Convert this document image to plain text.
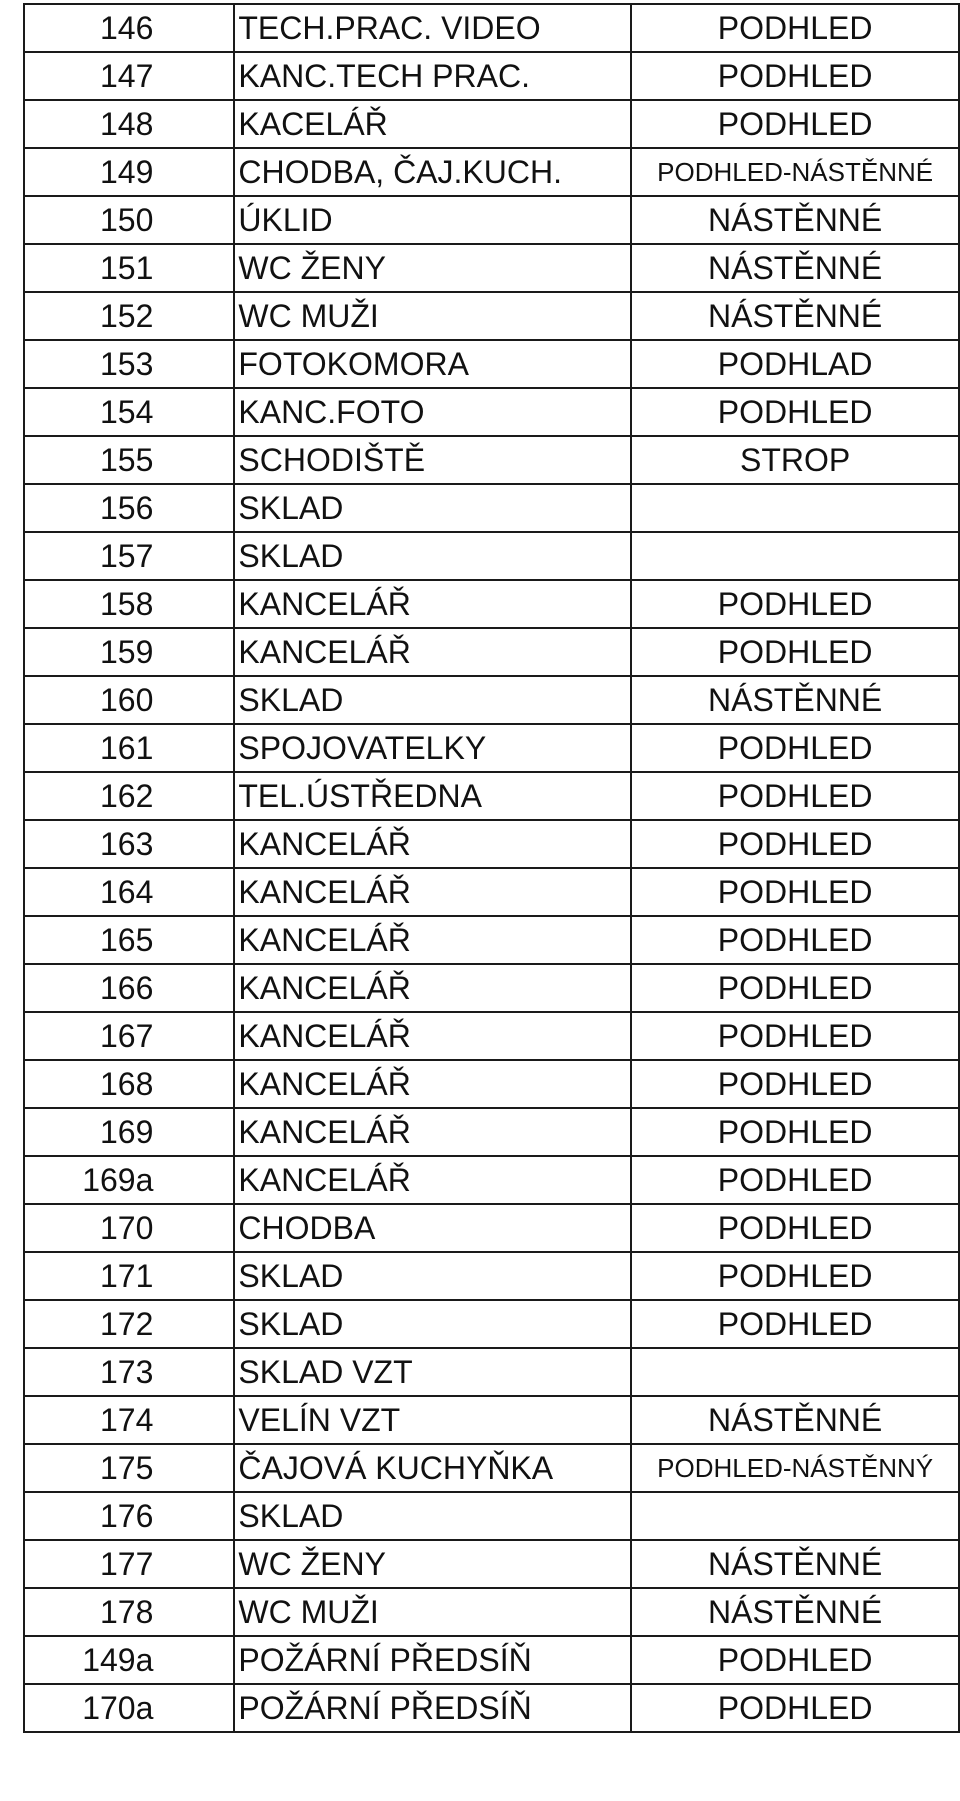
146	TECH.PRAC. VIDEO	PODHLED
147	KANC.TECH PRAC.	PODHLED
148	KACELÁŘ	PODHLED
149	CHODBA, ČAJ.KUCH.	PODHLED-NÁSTĚNNÉ
150	ÚKLID	NÁSTĚNNÉ
151	WC ŽENY	NÁSTĚNNÉ
152	WC MUŽI	NÁSTĚNNÉ
153	FOTOKOMORA	PODHLAD
154	KANC.FOTO	PODHLED
155	SCHODIŠTĚ	STROP
156	SKLAD	
157	SKLAD	
158	KANCELÁŘ	PODHLED
159	KANCELÁŘ	PODHLED
160	SKLAD	NÁSTĚNNÉ
161	SPOJOVATELKY	PODHLED
162	TEL.ÚSTŘEDNA	PODHLED
163	KANCELÁŘ	PODHLED
164	KANCELÁŘ	PODHLED
165	KANCELÁŘ	PODHLED
166	KANCELÁŘ	PODHLED
167	KANCELÁŘ	PODHLED
168	KANCELÁŘ	PODHLED
169	KANCELÁŘ	PODHLED
169a	KANCELÁŘ	PODHLED
170	CHODBA	PODHLED
171	SKLAD	PODHLED
172	SKLAD	PODHLED
173	SKLAD VZT	
174	VELÍN VZT	NÁSTĚNNÉ
175	ČAJOVÁ KUCHYŇKA	PODHLED-NÁSTĚNNÝ
176	SKLAD	
177	WC ŽENY	NÁSTĚNNÉ
178	WC MUŽI	NÁSTĚNNÉ
149a	POŽÁRNÍ PŘEDSÍŇ	PODHLED
170a	POŽÁRNÍ PŘEDSÍŇ	PODHLED
